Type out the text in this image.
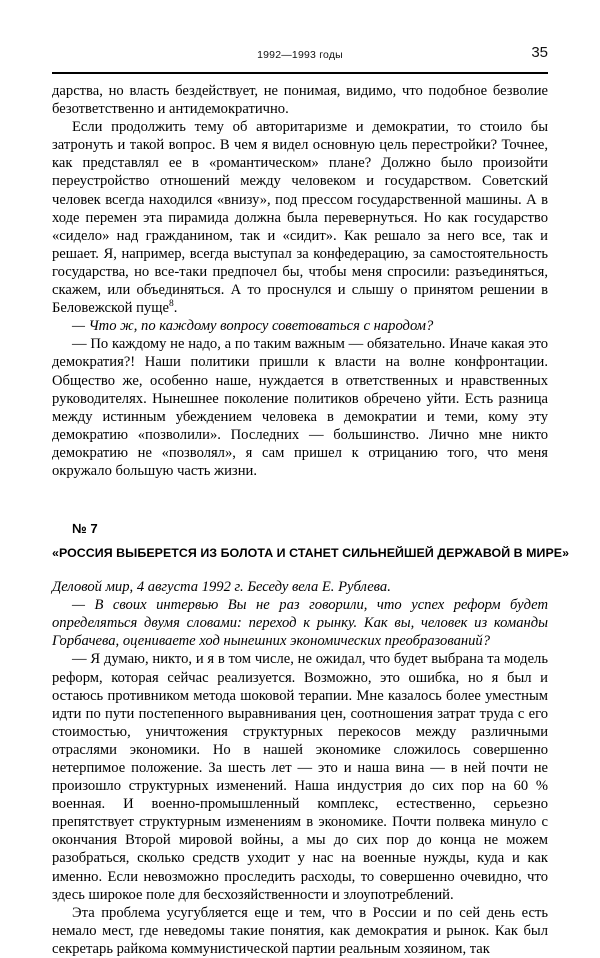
1992—1993 годы	35

дарства, но власть бездействует, не понимая, видимо, что подобное безволие безответственно и антидемократично.

Если продолжить тему об авторитаризме и демократии, то стоило бы затронуть и такой вопрос. В чем я видел основную цель перестройки? Точнее, как представлял ее в «романтическом» плане? Должно было произойти переустройство отношений между человеком и государством. Советский человек всегда находился «внизу», под прессом государственной машины. А в ходе перемен эта пирамида должна была перевернуться. Но как государство «сидело» над гражданином, так и «сидит». Как решало за него все, так и решает. Я, например, всегда выступал за конфедерацию, за самостоятельность государства, но все-таки предпочел бы, чтобы меня спросили: разъединяться, скажем, или объединяться. А то проснулся и слышу о принятом решении в Беловежской пуще$^8$.

— Что ж, по каждому вопросу советоваться с народом?

— По каждому не надо, а по таким важным — обязательно. Иначе какая это демократия?! Наши политики пришли к власти на волне конфронтации. Общество же, особенно наше, нуждается в ответственных и нравственных руководителях. Нынешнее поколение политиков обречено уйти. Есть разница между истинным убеждением человека в демократии и теми, кому эту демократию «позволили». Последних — большинство. Лично мне никто демократию не «позволял», я сам пришел к отрицанию того, что меня окружало большую часть жизни.

№ 7
«РОССИЯ ВЫБЕРЕТСЯ ИЗ БОЛОТА И СТАНЕТ СИЛЬНЕЙШЕЙ ДЕРЖАВОЙ В МИРЕ»

Деловой мир, 4 августа 1992 г. Беседу вела Е. Рублева.

— В своих интервью Вы не раз говорили, что успех реформ будет определяться двумя словами: переход к рынку. Как вы, человек из команды Горбачева, оцениваете ход нынешних экономических преобразований?

— Я думаю, никто, и я в том числе, не ожидал, что будет выбрана та модель реформ, которая сейчас реализуется. Возможно, это ошибка, но я был и остаюсь противником метода шоковой терапии. Мне казалось более уместным идти по пути постепенного выравнивания цен, соотношения затрат труда с его стоимостью, уничтожения структурных перекосов между различными отраслями экономики. Но в нашей экономике сложилось совершенно нетерпимое положение. За шесть лет — это и наша вина — в ней почти не произошло структурных изменений. Наша индустрия до сих пор на 60 % военная. И военно-промышленный комплекс, естественно, серьезно препятствует структурным изменениям в экономике. Почти полвека минуло с окончания Второй мировой войны, а мы до сих пор до конца не можем разобраться, сколько средств уходит у нас на военные нужды, куда и как именно. Если невозможно проследить расходы, то совершенно очевидно, что здесь широкое поле для бесхозяйственности и злоупотреблений.

Эта проблема усугубляется еще и тем, что в России и по сей день есть немало мест, где неведомы такие понятия, как демократия и рынок. Как был секретарь райкома коммунистической партии реальным хозяином, так
